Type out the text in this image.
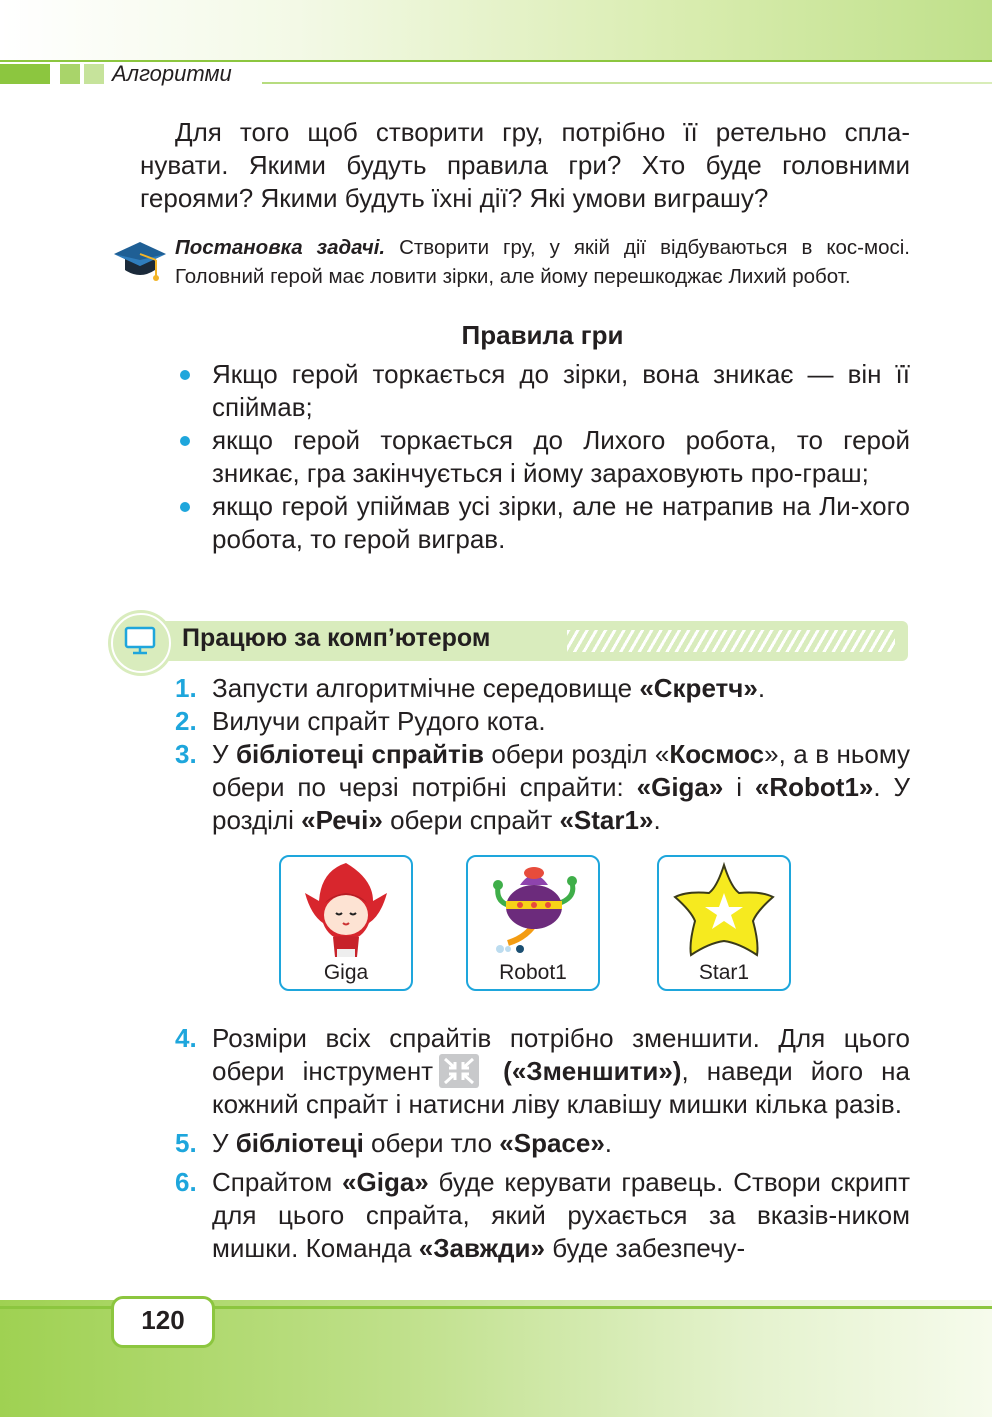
Алгоритми

Для того щоб створити гру, потрібно її ретельно спла-нувати. Якими будуть правила гри? Хто буде головними героями? Якими будуть їхні дії? Які умови виграшу?

Постановка задачі. Створити гру, у якій дії відбуваються в кос-мосі. Головний герой має ловити зірки, але йому перешкоджає Лихий робот.

Правила гри
Якщо герой торкається до зірки, вона зникає — він її спіймав;
якщо герой торкається до Лихого робота, то герой зникає, гра закінчується і йому зараховують про-граш;
якщо герой упіймав усі зірки, але не натрапив на Ли-хого робота, то герой виграв.
Працюю за комп’ютером
1. Запусти алгоритмічне середовище «Скретч».
2. Вилучи спрайт Рудого кота.
3. У бібліотеці спрайтів обери розділ «Космос», а в ньому обери по черзі потрібні спрайти: «Giga» і «Robot1». У розділі «Речі» обери спрайт «Star1».
4. Розміри всіх спрайтів потрібно зменшити. Для цього обери інструмент	(«Зменшити»), наведи його на кожний спрайт і натисни ліву клавішу мишки кілька разів.
5. У бібліотеці обери тло «Space».
6. Спрайтом «Giga» буде керувати гравець. Створи скрипт для цього спрайта, який рухається за вказів-ником мишки. Команда «Завжди» буде забезпечу-
Giga	Robot1	Star1
120
